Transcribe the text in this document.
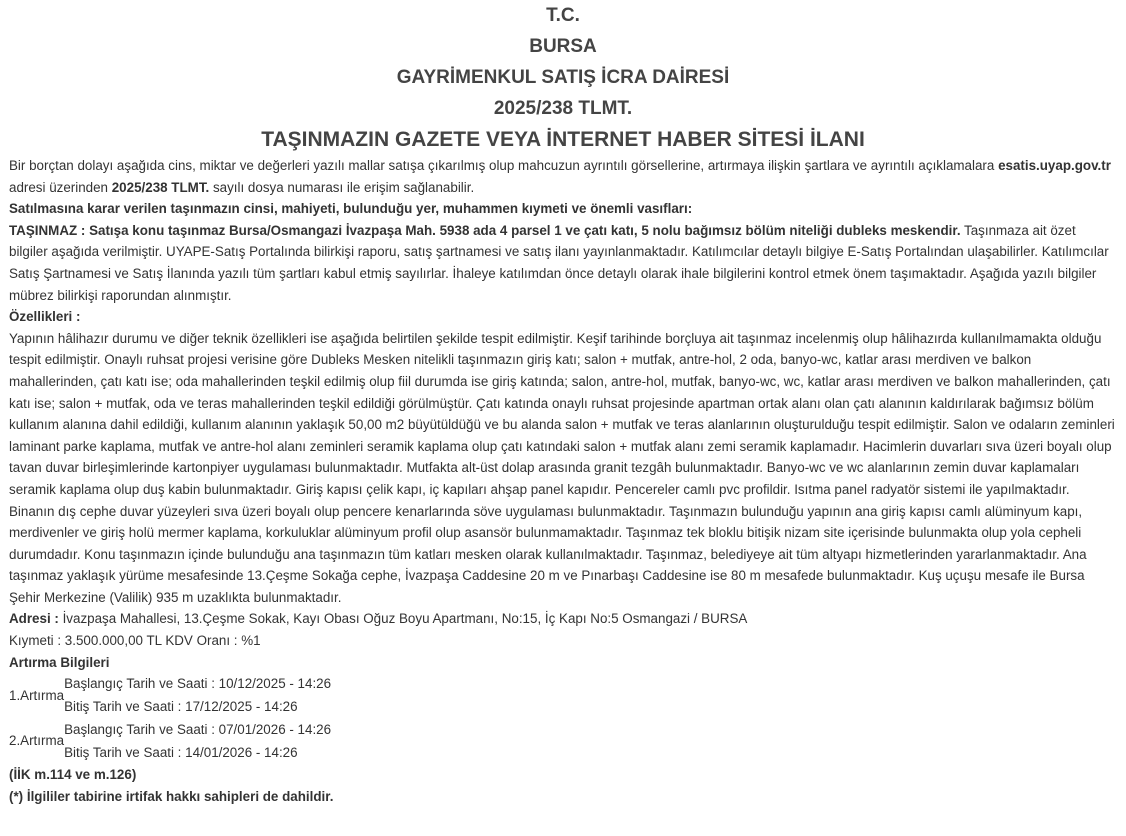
T.C.
BURSA
GAYRİMENKUL SATIŞ İCRA DAİRESİ
2025/238 TLMT.
TAŞINMAZIN GAZETE VEYA İNTERNET HABER SİTESİ İLANI

Bir borçtan dolayı aşağıda cins, miktar ve değerleri yazılı mallar satışa çıkarılmış olup mahcuzun ayrıntılı görsellerine, artırmaya ilişkin şartlara ve ayrıntılı açıklamalara esatis.uyap.gov.tr adresi üzerinden 2025/238 TLMT. sayılı dosya numarası ile erişim sağlanabilir.

Satılmasına karar verilen taşınmazın cinsi, mahiyeti, bulunduğu yer, muhammen kıymeti ve önemli vasıfları:

TAŞINMAZ : Satışa konu taşınmaz Bursa/Osmangazi İvazpaşa Mah. 5938 ada 4 parsel 1 ve çatı katı, 5 nolu bağımsız bölüm niteliği dubleks meskendir. Taşınmaza ait özet bilgiler aşağıda verilmiştir. UYAPE-Satış Portalında bilirkişi raporu, satış şartnamesi ve satış ilanı yayınlanmaktadır. Katılımcılar detaylı bilgiye E-Satış Portalından ulaşabilirler. Katılımcılar Satış Şartnamesi ve Satış İlanında yazılı tüm şartları kabul etmiş sayılırlar. İhaleye katılımdan önce detaylı olarak ihale bilgilerini kontrol etmek önem taşımaktadır. Aşağıda yazılı bilgiler mübrez bilirkişi raporundan alınmıştır.

Özellikleri :

Yapının hâlihazır durumu ve diğer teknik özellikleri ise aşağıda belirtilen şekilde tespit edilmiştir. Keşif tarihinde borçluya ait taşınmaz incelenmiş olup hâlihazırda kullanılmamakta olduğu tespit edilmiştir. Onaylı ruhsat projesi verisine göre Dubleks Mesken nitelikli taşınmazın giriş katı; salon + mutfak, antre-hol, 2 oda, banyo-wc, katlar arası merdiven ve balkon mahallerinden, çatı katı ise; oda mahallerinden teşkil edilmiş olup fiil durumda ise giriş katında; salon, antre-hol, mutfak, banyo-wc, wc, katlar arası merdiven ve balkon mahallerinden, çatı katı ise; salon + mutfak, oda ve teras mahallerinden teşkil edildiği görülmüştür. Çatı katında onaylı ruhsat projesinde apartman ortak alanı olan çatı alanının kaldırılarak bağımsız bölüm kullanım alanına dahil edildiği, kullanım alanının yaklaşık 50,00 m2 büyütüldüğü ve bu alanda salon + mutfak ve teras alanlarının oluşturulduğu tespit edilmiştir. Salon ve odaların zeminleri laminant parke kaplama, mutfak ve antre-hol alanı zeminleri seramik kaplama olup çatı katındaki salon + mutfak alanı zemi seramik kaplamadır. Hacimlerin duvarları sıva üzeri boyalı olup tavan duvar birleşimlerinde kartonpiyer uygulaması bulunmaktadır. Mutfakta alt-üst dolap arasında granit tezgâh bulunmaktadır. Banyo-wc ve wc alanlarının zemin duvar kaplamaları seramik kaplama olup duş kabin bulunmaktadır. Giriş kapısı çelik kapı, iç kapıları ahşap panel kapıdır. Pencereler camlı pvc profildir. Isıtma panel radyatör sistemi ile yapılmaktadır. Binanın dış cephe duvar yüzeyleri sıva üzeri boyalı olup pencere kenarlarında söve uygulaması bulunmaktadır. Taşınmazın bulunduğu yapının ana giriş kapısı camlı alüminyum kapı, merdivenler ve giriş holü mermer kaplama, korkuluklar alüminyum profil olup asansör bulunmamaktadır. Taşınmaz tek bloklu bitişik nizam site içerisinde bulunmakta olup yola cepheli durumdadır. Konu taşınmazın içinde bulunduğu ana taşınmazın tüm katları mesken olarak kullanılmaktadır. Taşınmaz, belediyeye ait tüm altyapı hizmetlerinden yararlanmaktadır. Ana taşınmaz yaklaşık yürüme mesafesinde 13.Çeşme Sokağa cephe, İvazpaşa Caddesine 20 m ve Pınarbaşı Caddesine ise 80 m mesafede bulunmaktadır. Kuş uçuşu mesafe ile Bursa Şehir Merkezine (Valilik) 935 m uzaklıkta bulunmaktadır.

Adresi : İvazpaşa Mahallesi, 13.Çeşme Sokak, Kayı Obası Oğuz Boyu Apartmanı, No:15, İç Kapı No:5 Osmangazi / BURSA

Kıymeti : 3.500.000,00 TL KDV Oranı : %1

Artırma Bilgileri

1.Artırma	Başlangıç Tarih ve Saati : 10/12/2025 - 14:26
	Bitiş Tarih ve Saati : 17/12/2025 - 14:26
2.Artırma	Başlangıç Tarih ve Saati : 07/01/2026 - 14:26
	Bitiş Tarih ve Saati : 14/01/2026 - 14:26

(İİK m.114 ve m.126)

(*) İlgililer tabirine irtifak hakkı sahipleri de dahildir.
